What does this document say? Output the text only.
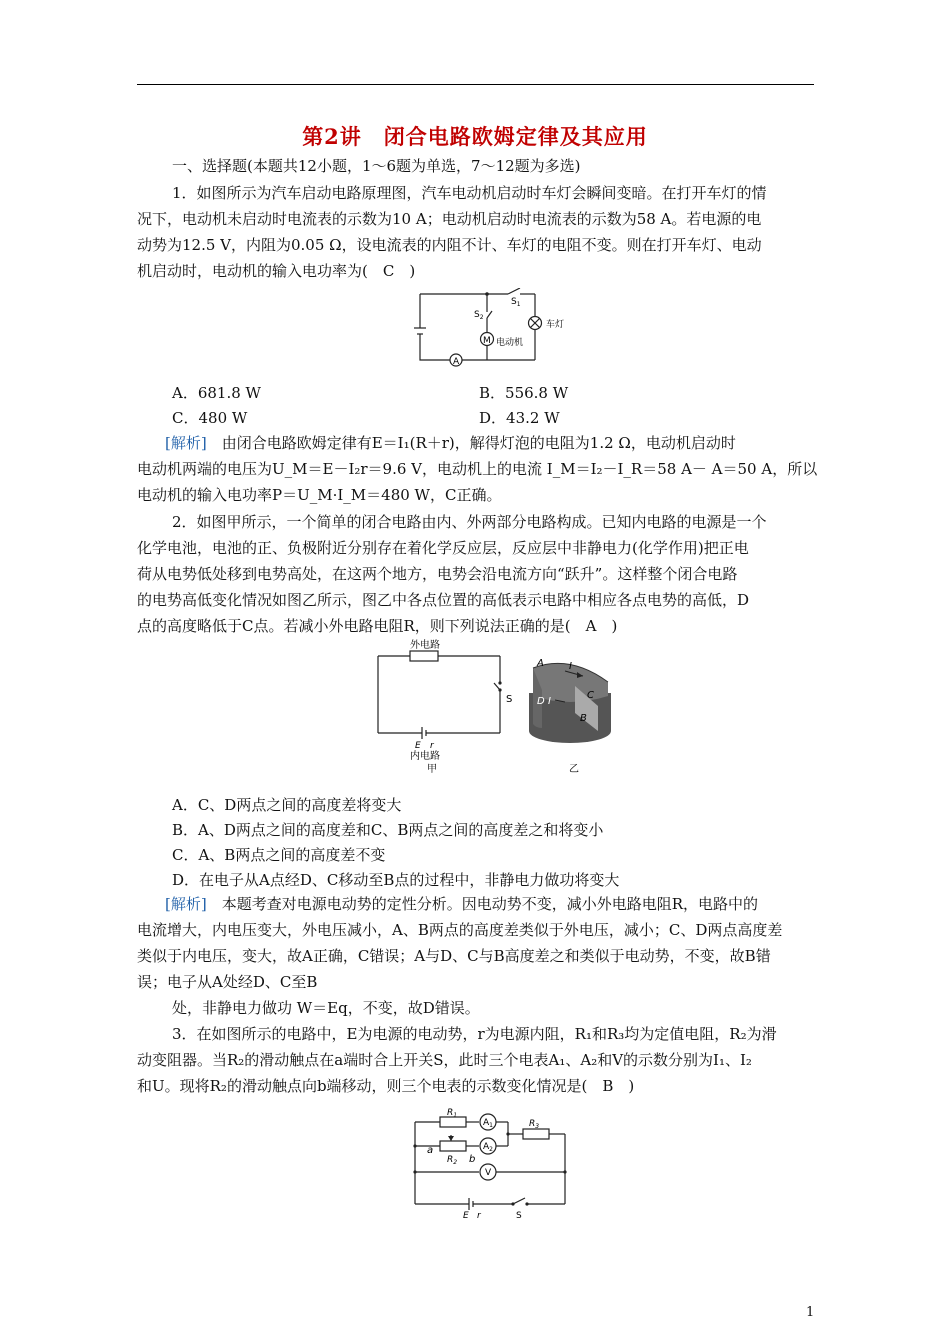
第2讲　闭合电路欧姆定律及其应用
一、选择题(本题共12小题，1～6题为单选，7～12题为多选)
1．如图所示为汽车启动电路原理图，汽车电动机启动时车灯会瞬间变暗。在打开车灯的情
况下，电动机未启动时电流表的示数为10 A；电动机启动时电流表的示数为58 A。若电源的电
动势为12.5 V，内阻为0.05 Ω，设电流表的内阻不计、车灯的电阻不变。则在打开车灯、电动
机启动时，电动机的输入电功率为(　C　)
A
M 电动机
车灯
$S_1$
$S_2$
A．681.8 W	B．556.8 W
C．480 W	D．43.2 W
[解析]　由闭合电路欧姆定律有E＝I₁(R＋r)，解得灯泡的电阻为1.2 Ω，电动机启动时
电动机两端的电压为U_M＝E－I₂r＝9.6 V，电动机上的电流 I_M＝I₂－I_R＝58 A－ A＝50 A，所以
电动机的输入电功率P＝U_M·I_M＝480 W，C正确。
2．如图甲所示，一个简单的闭合电路由内、外两部分电路构成。已知内电路的电源是一个
化学电池，电池的正、负极附近分别存在着化学反应层，反应层中非静电力(化学作用)把正电
荷从电势低处移到电势高处，在这两个地方，电势会沿电流方向“跃升”。这样整个闭合电路
的电势高低变化情况如图乙所示，图乙中各点位置的高低表示电路中相应各点电势的高低，D
点的高度略低于C点。若减小外电路电阻R，则下列说法正确的是(　A　)
外电路
S
E r
内电路
甲
A	I
D I
C
B
乙
A．C、D两点之间的高度差将变大
B．A、D两点之间的高度差和C、B两点之间的高度差之和将变小
C．A、B两点之间的高度差不变
D．在电子从A点经D、C移动至B点的过程中，非静电力做功将变大
[解析]　本题考查对电源电动势的定性分析。因电动势不变，减小外电路电阻R，电路中的
电流增大，内电压变大，外电压减小，A、B两点的高度差类似于外电压，减小；C、D两点高度差
类似于内电压，变大，故A正确，C错误；A与D、C与B高度差之和类似于电动势，不变，故B错
误；电子从A处经D、C至B
处，非静电力做功 W＝Eq，不变，故D错误。
3．在如图所示的电路中，E为电源的电动势，r为电源内阻，R₁和R₃均为定值电阻，R₂为滑
动变阻器。当R₂的滑动触点在a端时合上开关S，此时三个电表A₁、A₂和V的示数分别为I₁、I₂
和U。现将R₂的滑动触点向b端移动，则三个电表的示数变化情况是(　B　)
$R_1$
$R_2$
$R_3$
$A_1$
$A_2$
V
a
b
E r	S
1
